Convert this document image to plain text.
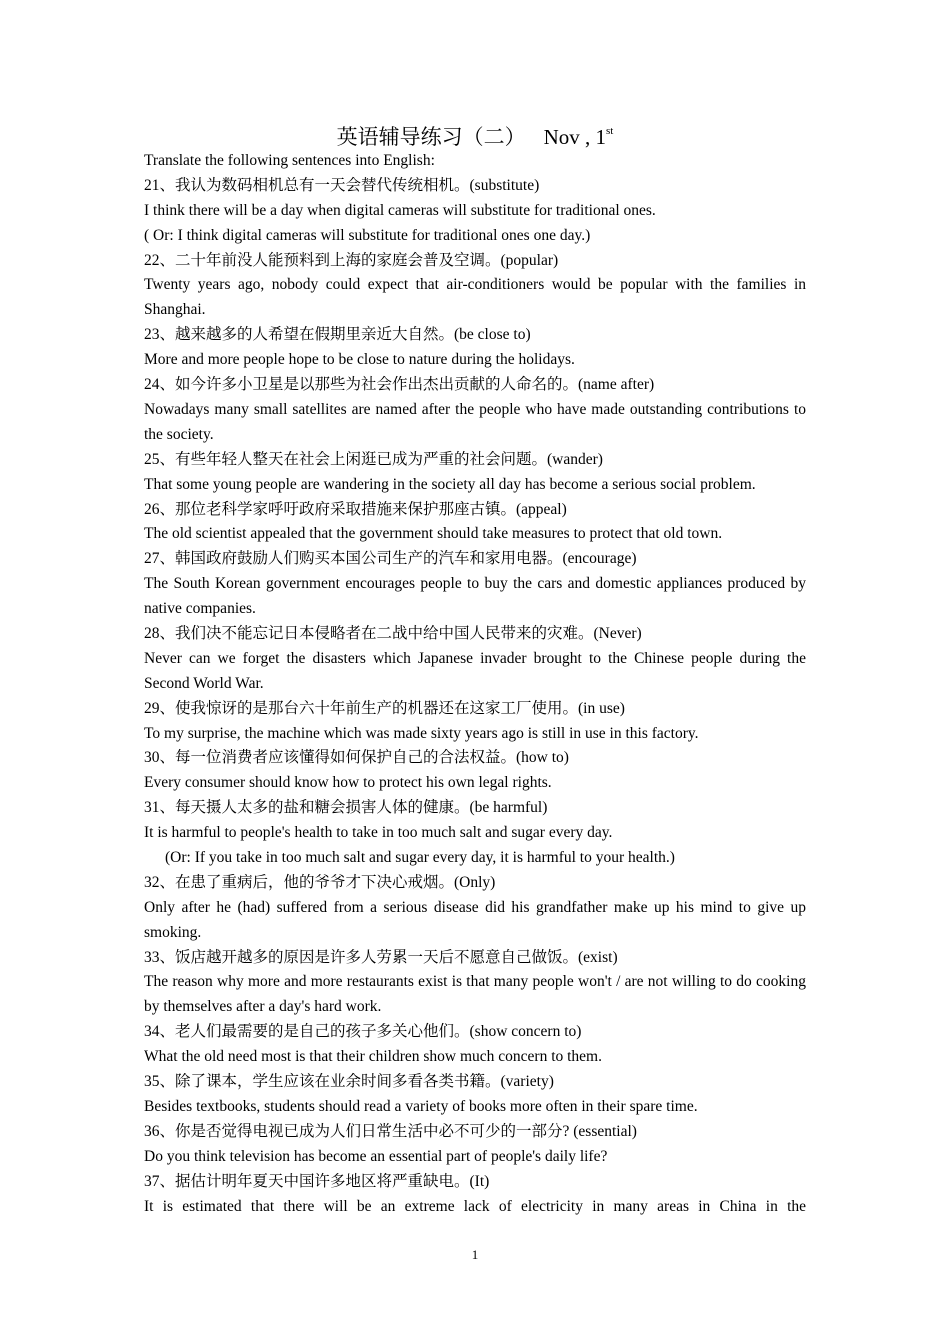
英语辅导练习（二） Nov , 1st
Translate the following sentences into English:
21、我认为数码相机总有一天会替代传统相机。(substitute)
I think there will be a day when digital cameras will substitute for traditional ones.
( Or: I think digital cameras will substitute for traditional ones one day.)
22、二十年前没人能预料到上海的家庭会普及空调。(popular)
Twenty years ago, nobody could expect that air-conditioners would be popular with the families in Shanghai.
23、越来越多的人希望在假期里亲近大自然。(be close to)
More and more people hope to be close to nature during the holidays.
24、如今许多小卫星是以那些为社会作出杰出贡献的人命名的。(name after)
Nowadays many small satellites are named after the people who have made outstanding contributions to the society.
25、有些年轻人整天在社会上闲逛已成为严重的社会问题。(wander)
That some young people are wandering in the society all day has become a serious social problem.
26、那位老科学家呼吁政府采取措施来保护那座古镇。(appeal)
The old scientist appealed that the government should take measures to protect that old town.
27、韩国政府鼓励人们购买本国公司生产的汽车和家用电器。(encourage)
The South Korean government encourages people to buy the cars and domestic appliances produced by native companies.
28、我们决不能忘记日本侵略者在二战中给中国人民带来的灾难。(Never)
Never can we forget the disasters which Japanese invader brought to the Chinese people during the Second World War.
29、使我惊讶的是那台六十年前生产的机器还在这家工厂使用。(in use)
To my surprise, the machine which was made sixty years ago is still in use in this factory.
30、每一位消费者应该懂得如何保护自己的合法权益。(how to)
Every consumer should know how to protect his own legal rights.
31、每天摄人太多的盐和糖会损害人体的健康。(be harmful)
It is harmful to people's health to take in too much salt and sugar every day.
(Or: If you take in too much salt and sugar every day, it is harmful to your health.)
32、在患了重病后，他的爷爷才下决心戒烟。(Only)
Only after he (had) suffered from a serious disease did his grandfather make up his mind to give up smoking.
33、饭店越开越多的原因是许多人劳累一天后不愿意自己做饭。(exist)
The reason why more and more restaurants exist is that many people won't / are not willing to do cooking by themselves after a day's hard work.
34、老人们最需要的是自己的孩子多关心他们。(show concern to)
What the old need most is that their children show much concern to them.
35、除了课本，学生应该在业余时间多看各类书籍。(variety)
Besides textbooks, students should read a variety of books more often in their spare time.
36、你是否觉得电视已成为人们日常生活中必不可少的一部分? (essential)
Do you think television has become an essential part of people's daily life?
37、据估计明年夏天中国许多地区将严重缺电。(It)
It is estimated that there will be an extreme lack of electricity in many areas in China in the
1
